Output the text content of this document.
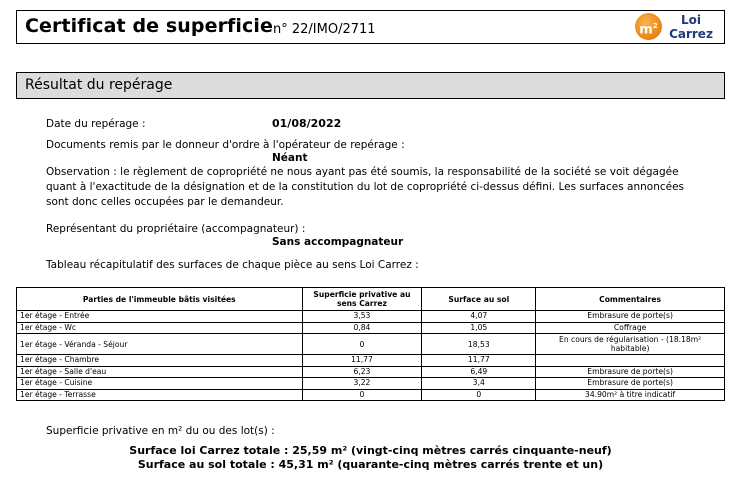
Certificat de superficie n° 22/IMO/2711	$m^2$	Loi
Carrez
Résultat du repérage
Date du repérage :	01/08/2022
Documents remis par le donneur d'ordre à l'opérateur de repérage :
Néant
Observation : le règlement de copropriété ne nous ayant pas été soumis, la responsabilité de la société se voit dégagée quant à l'exactitude de la désignation et de la constitution du lot de copropriété ci-dessus défini. Les surfaces annoncées sont donc celles occupées par le demandeur.
Représentant du propriétaire (accompagnateur) :
Sans accompagnateur
Tableau récapitulatif des surfaces de chaque pièce au sens Loi Carrez :
Parties de l'immeuble bâtis visitées	Superficie privative au sens Carrez	Surface au sol	Commentaires
1er étage - Entrée	3,53	4,07	Embrasure de porte(s)
1er étage - Wc	0,84	1,05	Coffrage
1er étage - Véranda - Séjour	0	18,53	En cours de régularisation - (18.18m² habitable)
1er étage - Chambre	11,77	11,77	
1er étage - Salle d'eau	6,23	6,49	Embrasure de porte(s)
1er étage - Cuisine	3,22	3,4	Embrasure de porte(s)
1er étage - Terrasse	0	0	34.90m² à titre indicatif
Superficie privative en m² du ou des lot(s) :
Surface loi Carrez totale : 25,59 m² (vingt-cinq mètres carrés cinquante-neuf)
Surface au sol totale : 45,31 m² (quarante-cinq mètres carrés trente et un)
